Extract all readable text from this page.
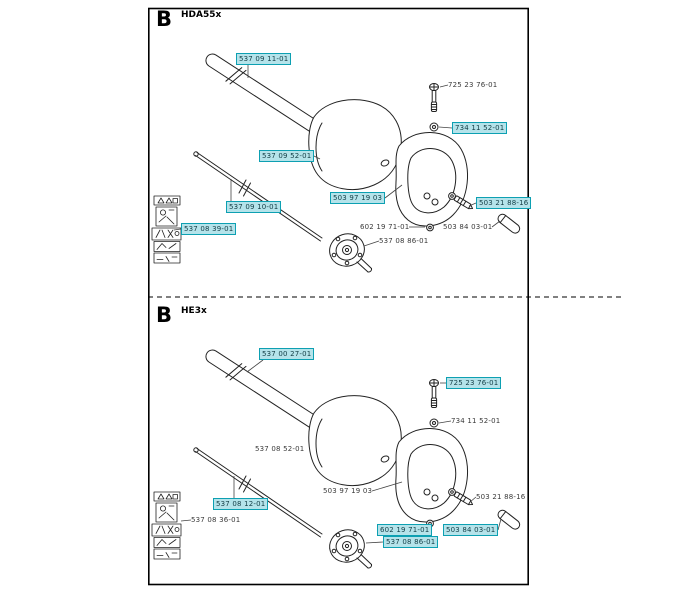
B HDA55x
B HE3x
537 09 11-01
725 23 76-01
734 11 52-01
537 09 52-01
503 97 19 03
503 21 88-16
537 09 10-01
537 08 39-01	602 19 71-01
537 08 86-01
503 84 03-01
537 00 27-01
725 23 76-01
734 11 52-01
537 08 52-01
503 97 19 03
503 21 88-16
537 08 12-01
537 08 36-01
602 19 71-01
537 08 86-01
503 84 03-01
